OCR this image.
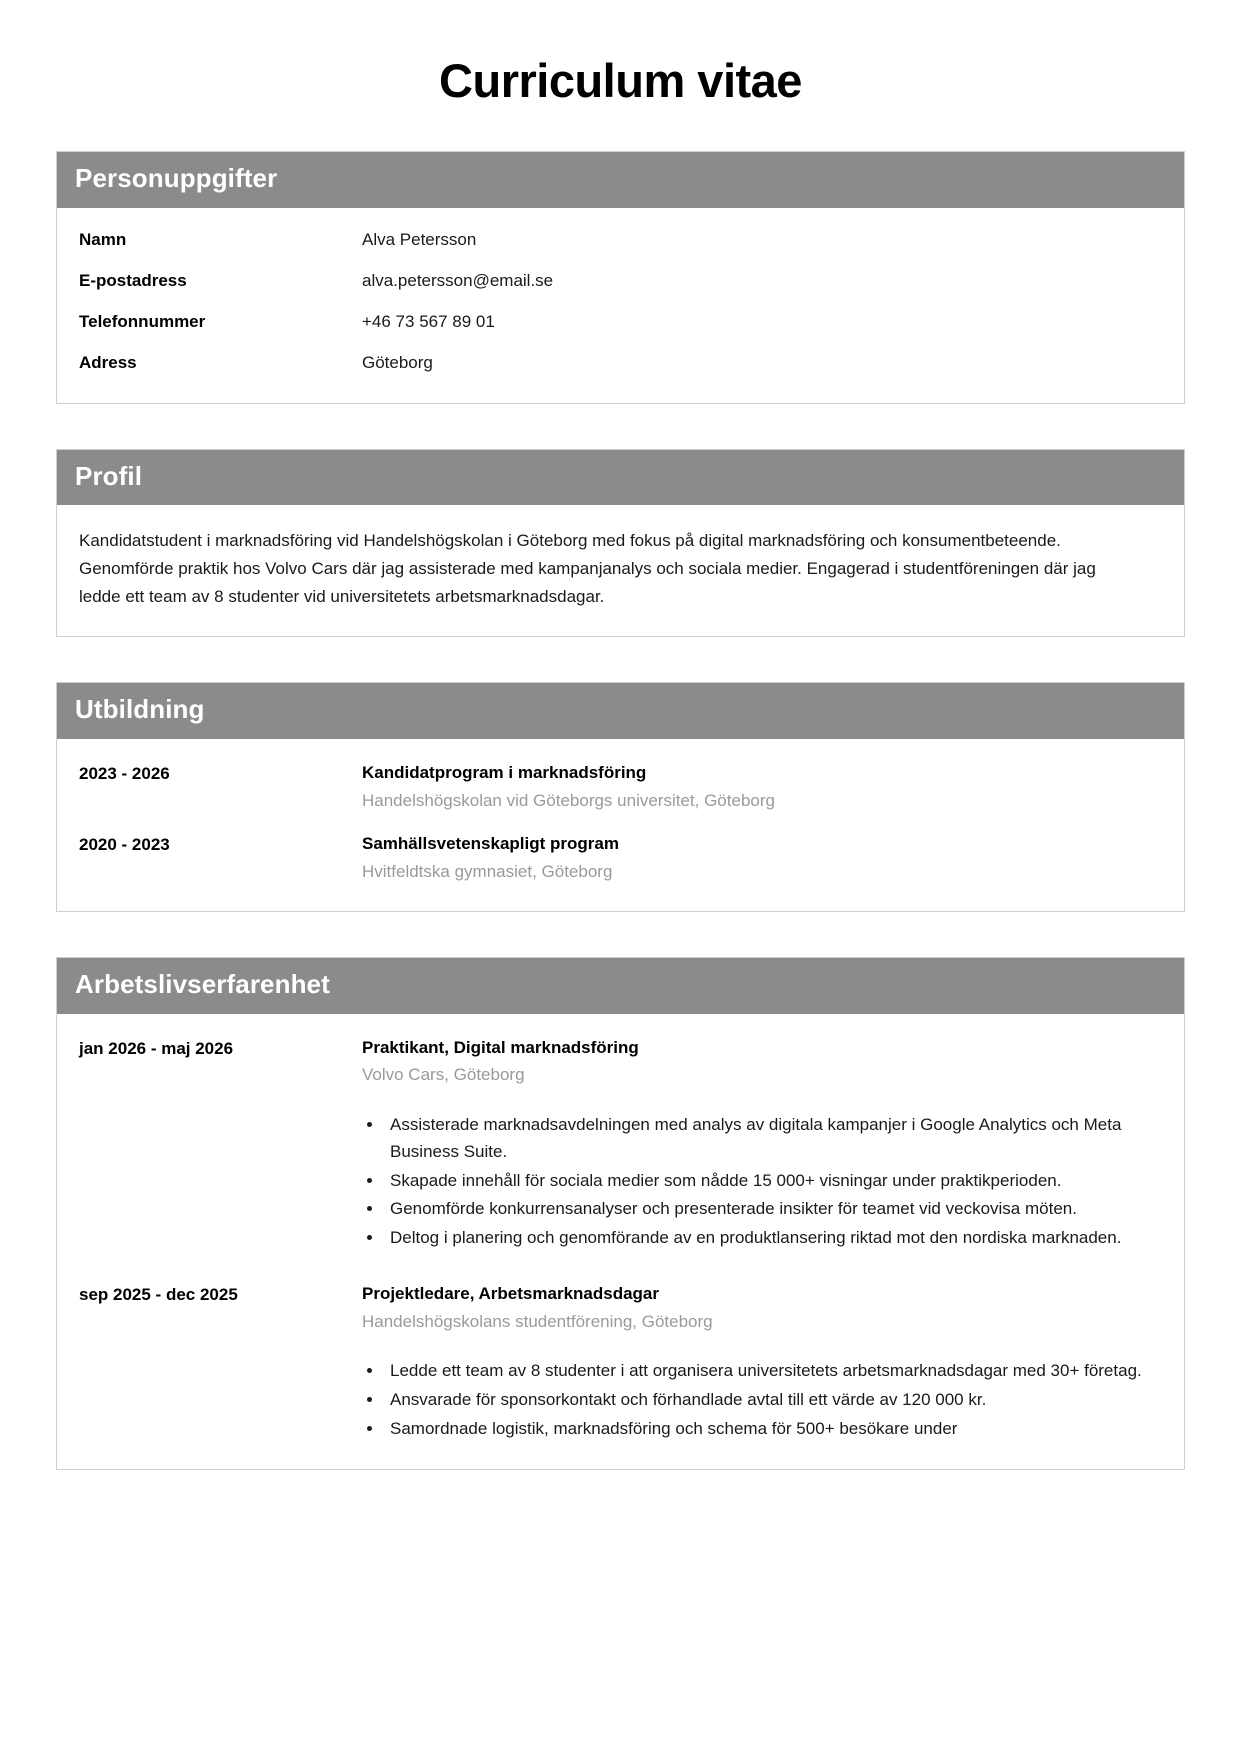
Curriculum vitae
Personuppgifter
Namn	Alva Petersson
E-postadress	alva.petersson@email.se
Telefonnummer	+46 73 567 89 01
Adress	Göteborg
Profil

Kandidatstudent i marknadsföring vid Handelshögskolan i Göteborg med fokus på digital marknadsföring och konsumentbeteende. Genomförde praktik hos Volvo Cars där jag assisterade med kampanjanalys och sociala medier. Engagerad i studentföreningen där jag ledde ett team av 8 studenter vid universitetets arbetsmarknadsdagar.

Utbildning
2023 - 2026	Kandidatprogram i marknadsföring
Handelshögskolan vid Göteborgs universitet, Göteborg
2020 - 2023	Samhällsvetenskapligt program
Hvitfeldtska gymnasiet, Göteborg
Arbetslivserfarenhet
jan 2026 - maj 2026	Praktikant, Digital marknadsföring
Volvo Cars, Göteborg
• Assisterade marknadsavdelningen med analys av digitala kampanjer i Google Analytics och Meta Business Suite.
• Skapade innehåll för sociala medier som nådde 15 000+ visningar under praktikperioden.
• Genomförde konkurrensanalyser och presenterade insikter för teamet vid veckovisa möten.
• Deltog i planering och genomförande av en produktlansering riktad mot den nordiska marknaden.
sep 2025 - dec 2025	Projektledare, Arbetsmarknadsdagar
Handelshögskolans studentförening, Göteborg
• Ledde ett team av 8 studenter i att organisera universitetets arbetsmarknadsdagar med 30+ företag.
• Ansvarade för sponsorkontakt och förhandlade avtal till ett värde av 120 000 kr.
• Samordnade logistik, marknadsföring och schema för 500+ besökare under
